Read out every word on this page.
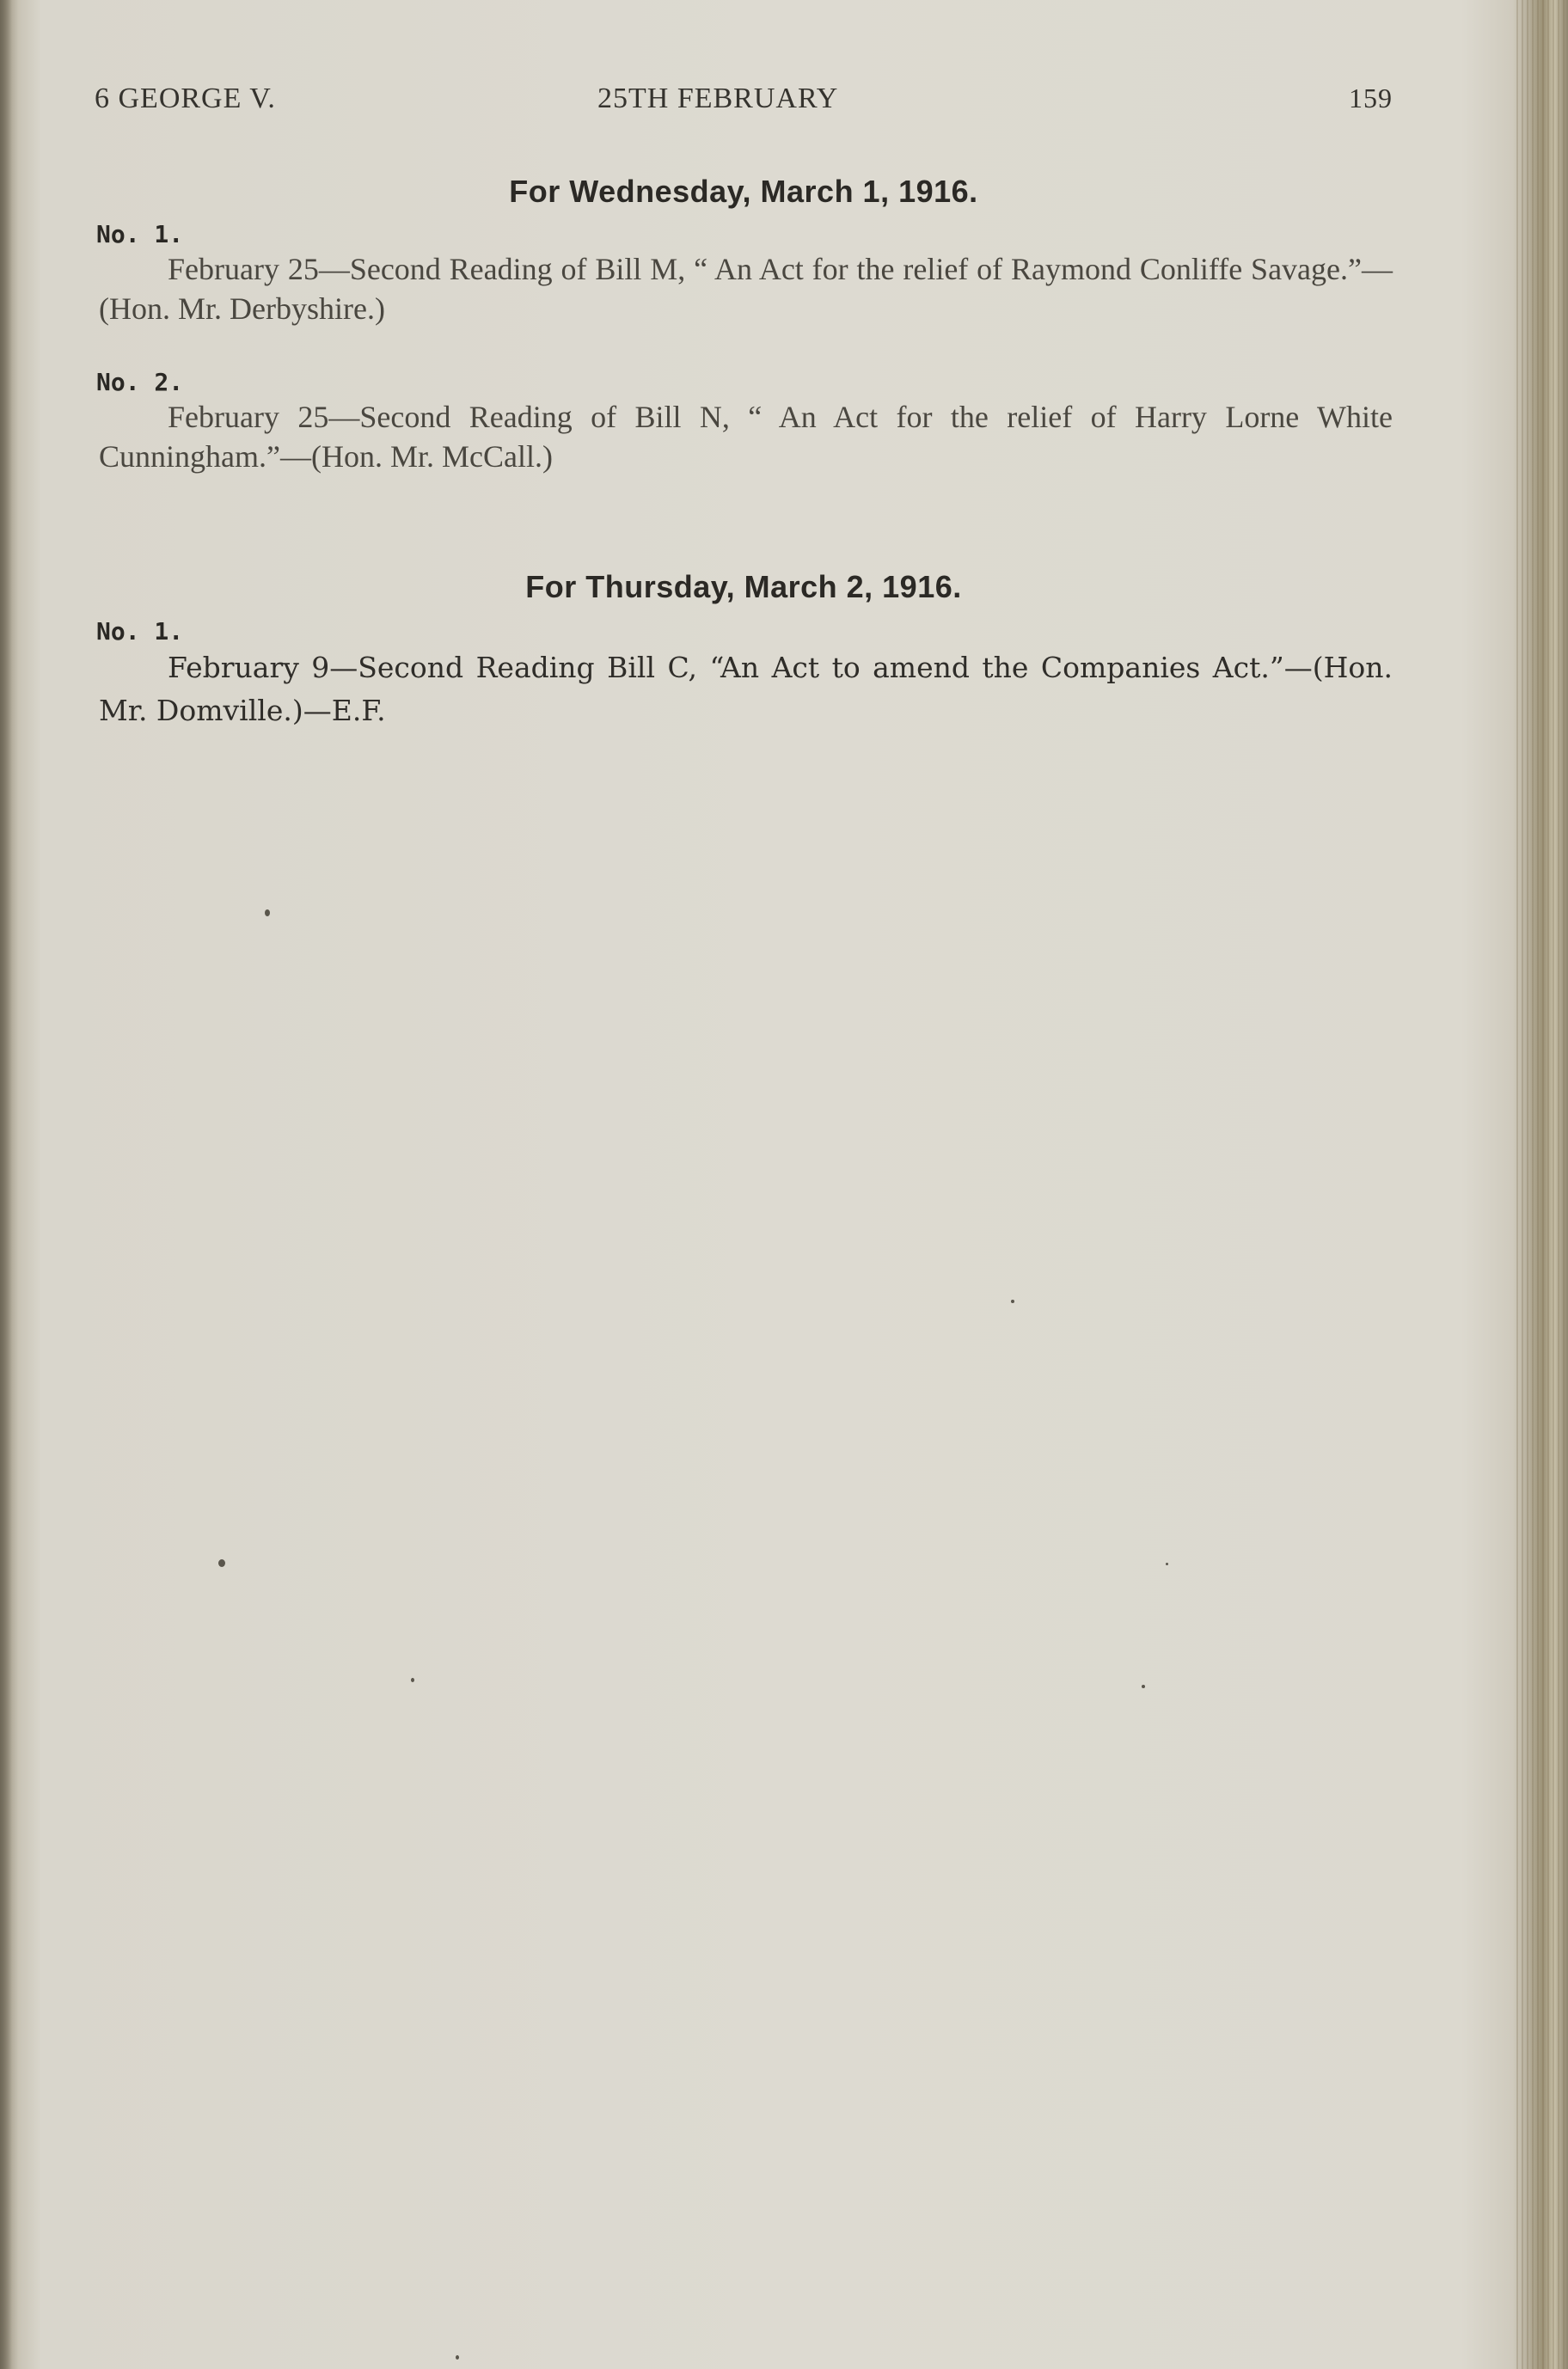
6 GEORGE V.	25TH FEBRUARY	159
For Wednesday, March 1, 1916.
No. 1.
February 25—Second Reading of Bill M, “ An Act for the relief of Raymond Conliffe Savage.”—(Hon. Mr. Derbyshire.)
No. 2.
February 25—Second Reading of Bill N, “ An Act for the relief of Harry Lorne White Cunningham.”—(Hon. Mr. McCall.)
For Thursday, March 2, 1916.
No. 1.
February 9—Second Reading Bill C, “An Act to amend the Companies Act.”—(Hon. Mr. Domville.)—E.F.
